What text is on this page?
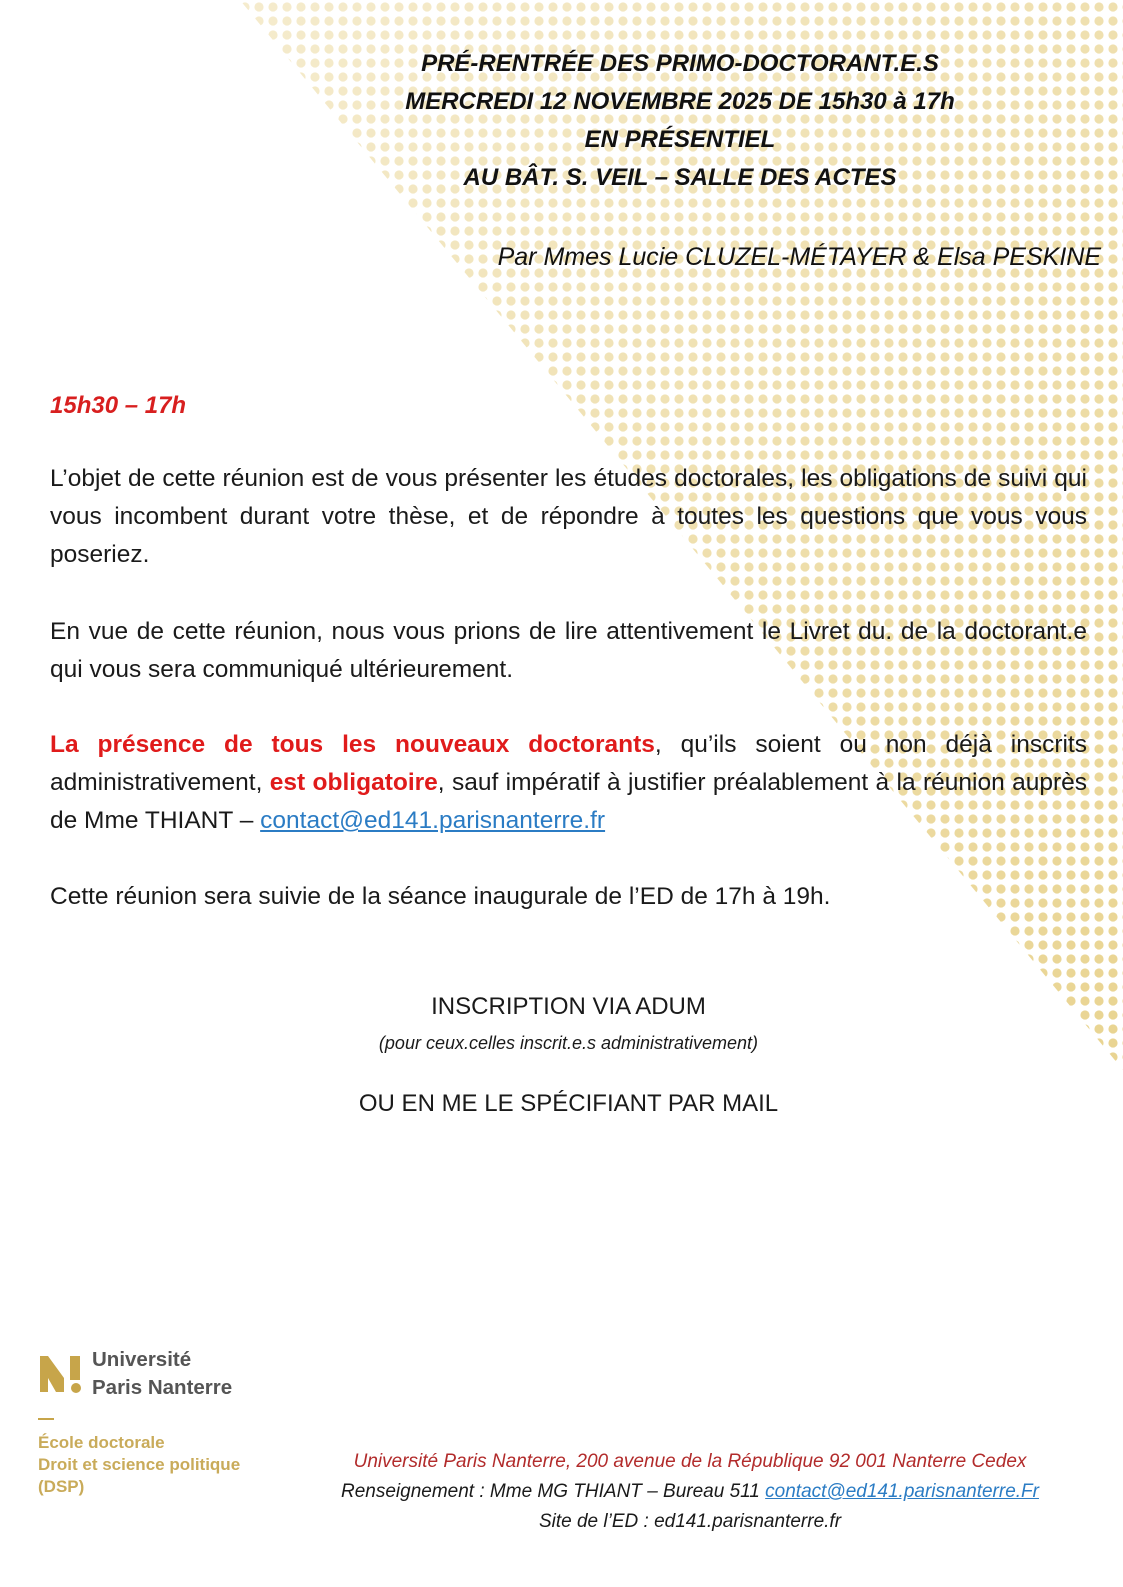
PRÉ-RENTRÉE DES PRIMO-DOCTORANT.E.S
MERCREDI 12 NOVEMBRE 2025 DE 15h30 à 17h
EN PRÉSENTIEL
AU BÂT. S. VEIL – SALLE DES ACTES
Par Mmes Lucie CLUZEL-MÉTAYER & Elsa PESKINE
15h30 – 17h
L’objet de cette réunion est de vous présenter les études doctorales, les obligations de suivi qui vous incombent durant votre thèse, et de répondre à toutes les questions que vous vous poseriez.
En vue de cette réunion, nous vous prions de lire attentivement le Livret du. de la doctorant.e qui vous sera communiqué ultérieurement.
La présence de tous les nouveaux doctorants, qu’ils soient ou non déjà inscrits administrativement, est obligatoire, sauf impératif à justifier préalablement à la réunion auprès de Mme THIANT – contact@ed141.parisnanterre.fr
Cette réunion sera suivie de la séance inaugurale de l’ED de 17h à 19h.
INSCRIPTION VIA ADUM
(pour ceux.celles inscrit.e.s administrativement)
OU EN ME LE SPÉCIFIANT PAR MAIL
Université
Paris Nanterre
École doctorale
Droit et science politique
(DSP)
Université Paris Nanterre, 200 avenue de la République 92 001 Nanterre Cedex
Renseignement : Mme MG THIANT – Bureau 511 contact@ed141.parisnanterre.Fr
Site de l’ED : ed141.parisnanterre.fr
